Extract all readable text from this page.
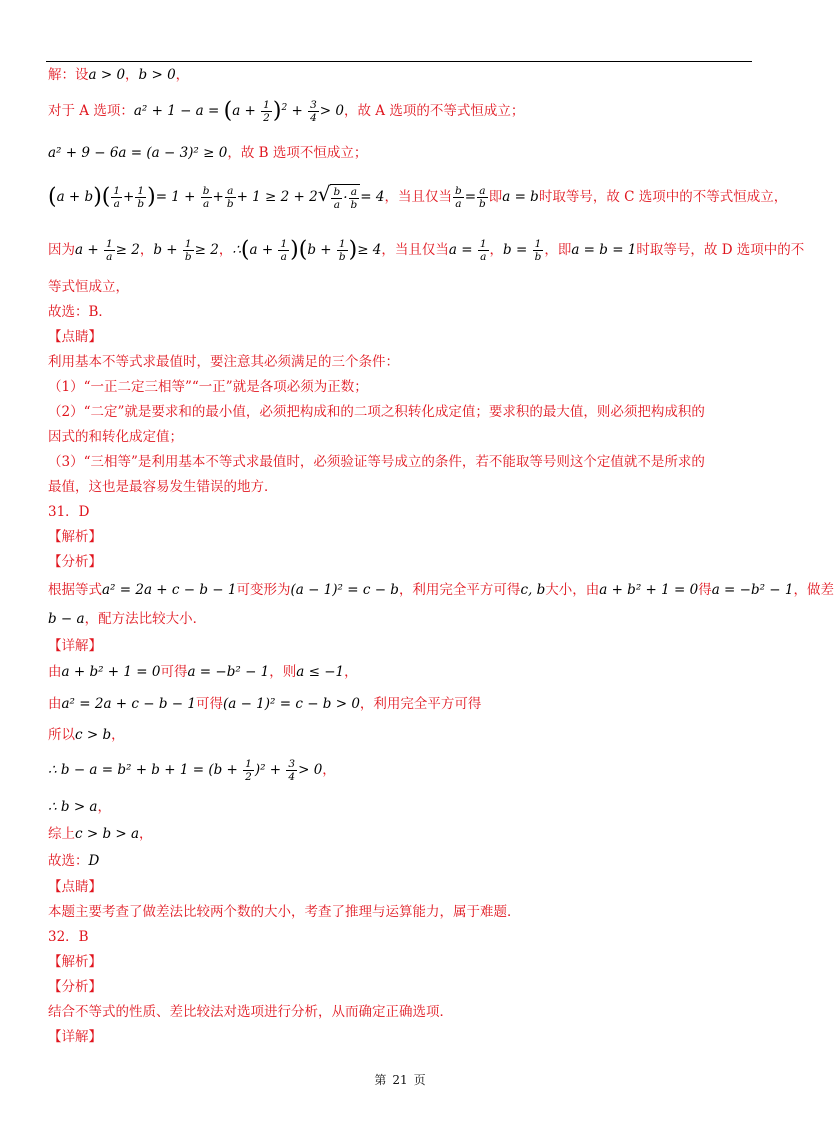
解：设a > 0，b > 0，
对于 A 选项：$a^2 + 1 - a = (a + \frac{1}{2} )^2 + \frac{3}{4} > 0$，故 A 选项的不等式恒成立；
a² + 9 − 6a = (a − 3)² ≥ 0，故 B 选项不恒成立；
$(a + b)( \frac{1}{a} + \frac{1}{b}$ )= $1 + \frac{b}{a} + \frac{a}{b} + 1 \ge 2 + 2√ \frac{b}{a} \cdot \frac{a}{b} = 4$，当且仅当 $\frac{b}{a} = \frac{a}{b}$ 即a = b时取等号，故 C 选项中的不等式恒成立，
因为$a + \frac{1}{a} \ge 2$，$b + \frac{1}{b} \ge 2$，∴(a + $\frac{1}{a} )(b + \frac{1}{b}$ )≥ 4，当且仅当$a = \frac{1}{a}$ ，$b = \frac{1}{b}$ ，即a = b = 1时取等号，故 D 选项中的不
等式恒成立，
故选：B．
【点睛】
利用基本不等式求最值时，要注意其必须满足的三个条件：
（1）“一正二定三相等”“一正”就是各项必须为正数；
（2）“二定”就是要求和的最小值，必须把构成和的二项之积转化成定值；要求积的最大值，则必须把构成积的
因式的和转化成定值；
（3）“三相等”是利用基本不等式求最值时，必须验证等号成立的条件，若不能取等号则这个定值就不是所求的
最值，这也是最容易发生错误的地方．
31．D
【解析】
【分析】
根据等式a² = 2a + c − b − 1可变形为(a − 1)² = c − b，利用完全平方可得c, b大小，由a + b² + 1 = 0得a = −b² − 1，做差
b − a，配方法比较大小．
【详解】
由a + b² + 1 = 0可得a = −b² − 1，则a ≤ −1，
由a² = 2a + c − b − 1可得(a − 1)² = c − b > 0，利用完全平方可得
所以c > b，
∴ $b - a = b^2 + b + 1 = (b + \frac{1}{2} )^2 + \frac{3}{4} > 0$，
∴ b > a，
综上c > b > a，
故选：D
【点睛】
本题主要考查了做差法比较两个数的大小，考查了推理与运算能力，属于难题．
32．B
【解析】
【分析】
结合不等式的性质、差比较法对选项进行分析，从而确定正确选项．
【详解】
第 21 页
